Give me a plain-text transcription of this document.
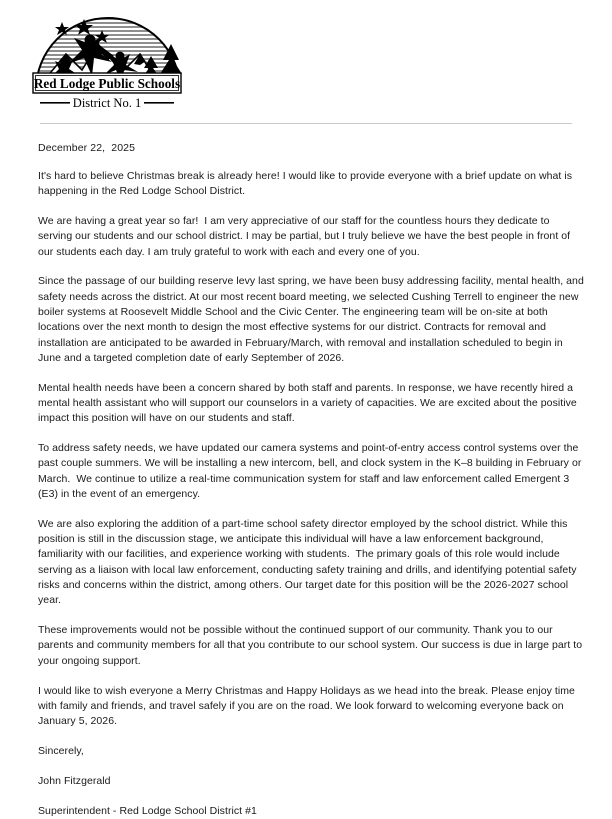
Red Lodge Public Schools
District No. 1
December 22,  2025

It's hard to believe Christmas break is already here! I would like to provide everyone with a brief update on what is happening in the Red Lodge School District.

We are having a great year so far!  I am very appreciative of our staff for the countless hours they dedicate to serving our students and our school district. I may be partial, but I truly believe we have the best people in front of our students each day. I am truly grateful to work with each and every one of you.

Since the passage of our building reserve levy last spring, we have been busy addressing facility, mental health, and safety needs across the district. At our most recent board meeting, we selected Cushing Terrell to engineer the new boiler systems at Roosevelt Middle School and the Civic Center. The engineering team will be on-site at both locations over the next month to design the most effective systems for our district. Contracts for removal and installation are anticipated to be awarded in February/March, with removal and installation scheduled to begin in June and a targeted completion date of early September of 2026.

Mental health needs have been a concern shared by both staff and parents. In response, we have recently hired a mental health assistant who will support our counselors in a variety of capacities. We are excited about the positive impact this position will have on our students and staff.

To address safety needs, we have updated our camera systems and point-of-entry access control systems over the past couple summers. We will be installing a new intercom, bell, and clock system in the K–8 building in February or March.  We continue to utilize a real-time communication system for staff and law enforcement called Emergent 3 (E3) in the event of an emergency.

We are also exploring the addition of a part-time school safety director employed by the school district. While this position is still in the discussion stage, we anticipate this individual will have a law enforcement background, familiarity with our facilities, and experience working with students.  The primary goals of this role would include serving as a liaison with local law enforcement, conducting safety training and drills, and identifying potential safety risks and concerns within the district, among others. Our target date for this position will be the 2026-2027 school year.

These improvements would not be possible without the continued support of our community. Thank you to our parents and community members for all that you contribute to our school system. Our success is due in large part to your ongoing support.

I would like to wish everyone a Merry Christmas and Happy Holidays as we head into the break. Please enjoy time with family and friends, and travel safely if you are on the road. We look forward to welcoming everyone back on January 5, 2026.

Sincerely,
John Fitzgerald
Superintendent - Red Lodge School District #1
